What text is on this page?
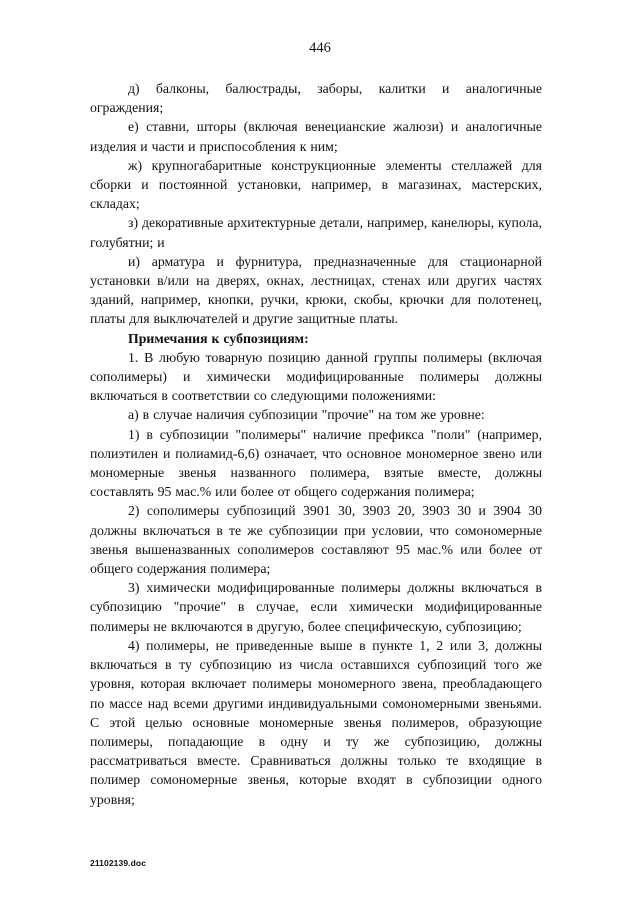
446

д) балконы, балюстрады, заборы, калитки и аналогичные ограждения;

е) ставни, шторы (включая венецианские жалюзи) и аналогичные изделия и части и приспособления к ним;

ж) крупногабаритные конструкционные элементы стеллажей для сборки и постоянной установки, например, в магазинах, мастерских, складах;

з) декоративные архитектурные детали, например, канелюры, купола, голубятни; и

и) арматура и фурнитура, предназначенные для стационарной установки в/или на дверях, окнах, лестницах, стенах или других частях зданий, например, кнопки, ручки, крюки, скобы, крючки для полотенец, платы для выключателей и другие защитные платы.

Примечания к субпозициям:

1. В любую товарную позицию данной группы полимеры (включая сополимеры) и химически модифицированные полимеры должны включаться в соответствии со следующими положениями:

а) в случае наличия субпозиции "прочие" на том же уровне:

1) в субпозиции "полимеры" наличие префикса "поли" (например, полиэтилен и полиамид-6,6) означает, что основное мономерное звено или мономерные звенья названного полимера, взятые вместе, должны составлять 95 мас.% или более от общего содержания полимера;

2) сополимеры субпозиций 3901 30, 3903 20, 3903 30 и 3904 30 должны включаться в те же субпозиции при условии, что сомономерные звенья вышеназванных сополимеров составляют 95 мас.% или более от общего содержания полимера;

3) химически модифицированные полимеры должны включаться в субпозицию "прочие" в случае, если химически модифицированные полимеры не включаются в другую, более специфическую, субпозицию;

4) полимеры, не приведенные выше в пункте 1, 2 или 3, должны включаться в ту субпозицию из числа оставшихся субпозиций того же уровня, которая включает полимеры мономерного звена, преобладающего по массе над всеми другими индивидуальными сомономерными звеньями. С этой целью основные мономерные звенья полимеров, образующие полимеры, попадающие в одну и ту же субпозицию, должны рассматриваться вместе. Сравниваться должны только те входящие в полимер сомономерные звенья, которые входят в субпозиции одного уровня;

21102139.doc
